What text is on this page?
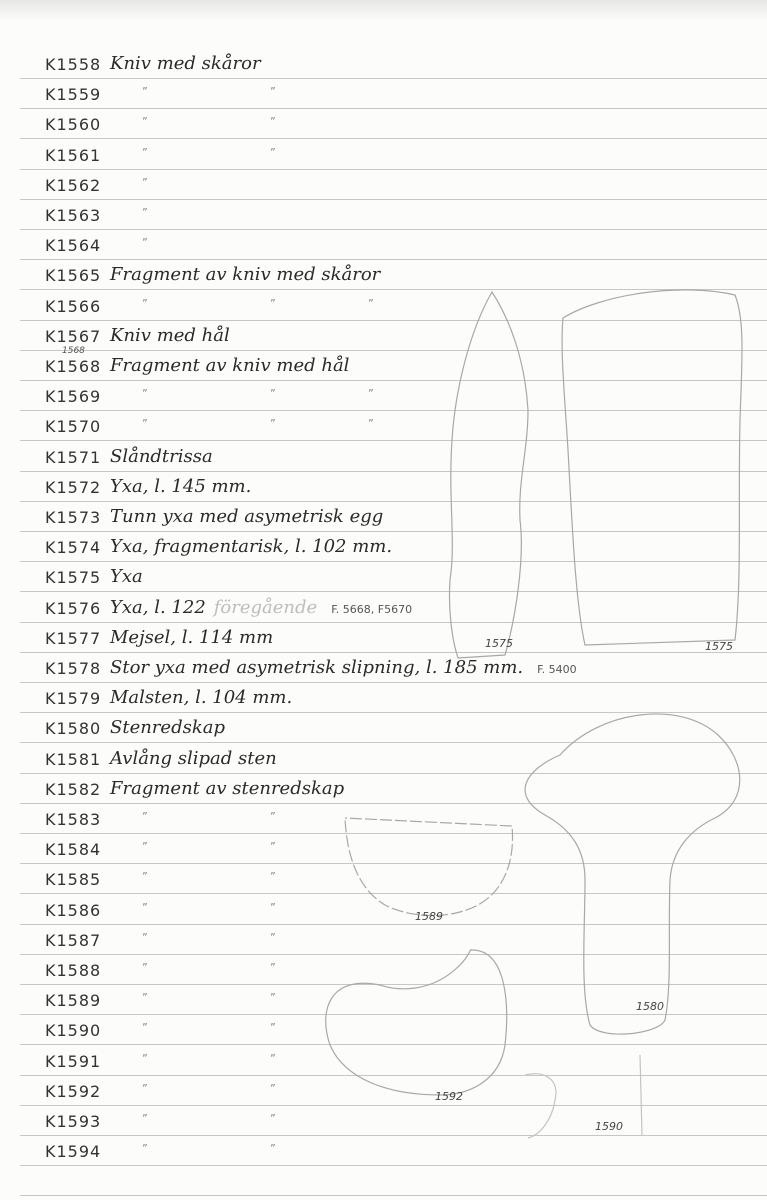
K1558 Kniv med skåror
K1559	”	”
K1560	”	”
K1561	”	”
K1562	”
K1563	”
K1564	”
K1565 Fragment av kniv med skåror
K1566	”	”	”
K1567 Kniv med hål
K1568 Fragment av kniv med hål
1568
K1569	”	”	”
K1570	”	”	”
K1571 Slåndtrissa
K1572 Yxa, l. 145 mm.
K1573 Tunn yxa med asymetrisk egg
K1574 Yxa, fragmentarisk, l. 102 mm.
K1575 Yxa
K1576 Yxa, l. 122 föregående F. 5668, F5670
K1577 Mejsel, l. 114 mm
K1578 Stor yxa med asymetrisk slipning, l. 185 mm. F. 5400
K1579 Malsten, l. 104 mm.
K1580 Stenredskap
K1581 Avlång slipad sten
K1582 Fragment av stenredskap
K1583	”	”
K1584	”	”
K1585	”	”
K1586	”	”
K1587	”	”
K1588	”	”
K1589	”	”
K1590	”	”
K1591	”	”
K1592	”	”
K1593	”	”
K1594	”	”
1575	1575
1589
1580
1592
1590
